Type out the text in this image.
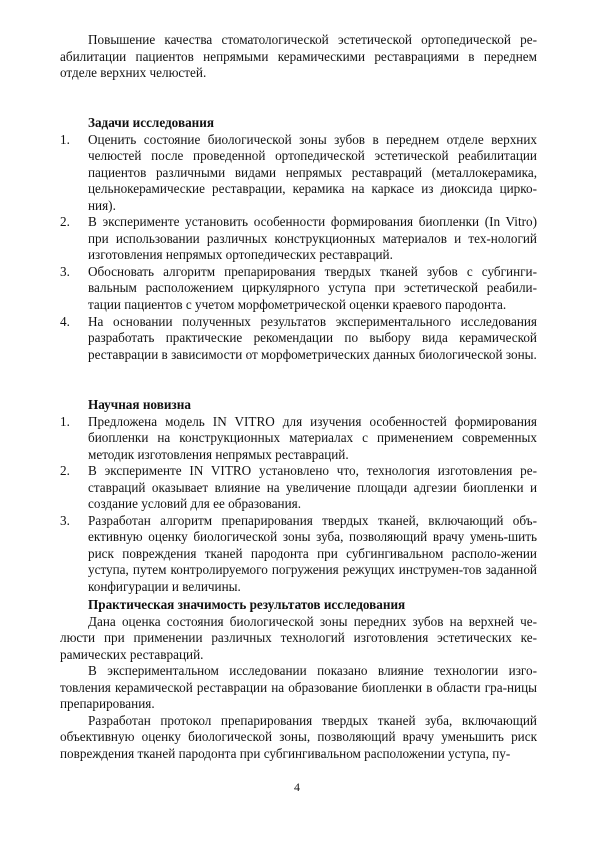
Повышение качества стоматологической эстетической ортопедической ре-абилитации пациентов непрямыми керамическими реставрациями в переднем отделе верхних челюстей.

Задачи исследования

1. Оценить состояние биологической зоны зубов в переднем отделе верхних челюстей после проведенной ортопедической эстетической реабилитации пациентов различными видами непрямых реставраций (металлокерамика, цельнокерамические реставрации, керамика на каркасе из диоксида цирко-ния).
2. В эксперименте установить особенности формирования биопленки (In Vitro) при использовании различных конструкционных материалов и тех-нологий изготовления непрямых ортопедических реставраций.
3. Обосновать алгоритм препарирования твердых тканей зубов с субгинги-вальным расположением циркулярного уступа при эстетической реабили-тации пациентов с учетом морфометрической оценки краевого пародонта.
4. На основании полученных результатов экспериментального исследования разработать практические рекомендации по выбору вида керамической реставрации в зависимости от морфометрических данных биологической зоны.

Научная новизна

1. Предложена модель IN VITRO для изучения особенностей формирования биопленки на конструкционных материалах с применением современных методик изготовления непрямых реставраций.
2. В эксперименте IN VITRO установлено что, технология изготовления ре-ставраций оказывает влияние на увеличение площади адгезии биопленки и создание условий для ее образования.
3. Разработан алгоритм препарирования твердых тканей, включающий объ-ективную оценку биологической зоны зуба, позволяющий врачу умень-шить риск повреждения тканей пародонта при субгингивальном располо-жении уступа, путем контролируемого погружения режущих инструмен-тов заданной конфигурации и величины.

Практическая значимость результатов исследования

Дана оценка состояния биологической зоны передних зубов на верхней че-люсти при применении различных технологий изготовления эстетических ке-рамических реставраций.

В экспериментальном исследовании показано влияние технологии изго-товления керамической реставрации на образование биопленки в области гра-ницы препарирования.

Разработан протокол препарирования твердых тканей зуба, включающий объективную оценку биологической зоны, позволяющий врачу уменьшить риск повреждения тканей пародонта при субгингивальном расположении уступа, пу-

4
